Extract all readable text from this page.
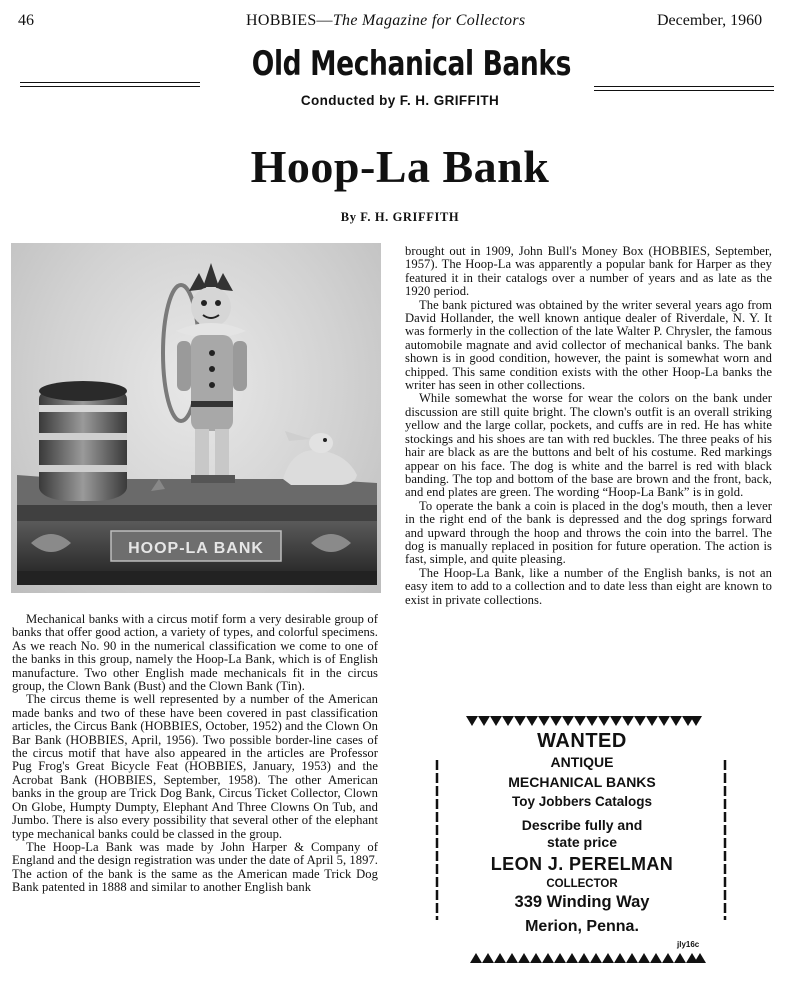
46	HOBBIES—The Magazine for Collectors	December, 1960
Old Mechanical Banks
Conducted by F. H. GRIFFITH
Hoop-La Bank
By F. H. GRIFFITH
HOOP-LA BANK

Mechanical banks with a circus motif form a very desirable group of banks that offer good action, a variety of types, and colorful specimens. As we reach No. 90 in the numerical classification we come to one of the banks in this group, namely the Hoop-La Bank, which is of English manufacture. Two other English made mechanicals fit in the circus group, the Clown Bank (Bust) and the Clown Bank (Tin).

The circus theme is well represented by a number of the American made banks and two of these have been covered in past classification articles, the Circus Bank (HOBBIES, October, 1952) and the Clown On Bar Bank (HOBBIES, April, 1956). Two possible border-line cases of the circus motif that have also appeared in the articles are Professor Pug Frog's Great Bicycle Feat (HOBBIES, January, 1953) and the Acrobat Bank (HOBBIES, September, 1958). The other American banks in the group are Trick Dog Bank, Circus Ticket Collector, Clown On Globe, Humpty Dumpty, Elephant And Three Clowns On Tub, and Jumbo. There is also every possibility that several other of the elephant type mechanical banks could be classed in the group.

The Hoop-La Bank was made by John Harper & Company of England and the design registration was under the date of April 5, 1897. The action of the bank is the same as the American made Trick Dog Bank patented in 1888 and similar to another English bank

brought out in 1909, John Bull's Money Box (HOBBIES, September, 1957). The Hoop-La was apparently a popular bank for Harper as they featured it in their catalogs over a number of years and as late as the 1920 period.

The bank pictured was obtained by the writer several years ago from David Hollander, the well known antique dealer of Riverdale, N. Y. It was formerly in the collection of the late Walter P. Chrysler, the famous automobile magnate and avid collector of mechanical banks. The bank shown is in good condition, however, the paint is somewhat worn and chipped. This same condition exists with the other Hoop-La banks the writer has seen in other collections.

While somewhat the worse for wear the colors on the bank under discussion are still quite bright. The clown's outfit is an overall striking yellow and the large collar, pockets, and cuffs are in red. He has white stockings and his shoes are tan with red buckles. The three peaks of his hair are black as are the buttons and belt of his costume. Red markings appear on his face. The dog is white and the barrel is red with black banding. The top and bottom of the base are brown and the front, back, and end plates are green. The wording “Hoop-La Bank” is in gold.

To operate the bank a coin is placed in the dog's mouth, then a lever in the right end of the bank is depressed and the dog springs forward and upward through the hoop and throws the coin into the barrel. The dog is manually replaced in position for future operation. The action is fast, simple, and quite pleasing.

The Hoop-La Bank, like a number of the English banks, is not an easy item to add to a collection and to date less than eight are known to exist in private collections.

WANTED
ANTIQUE
MECHANICAL BANKS
Toy Jobbers Catalogs
Describe fully and
state price
LEON J. PERELMAN
COLLECTOR
339 Winding Way
Merion, Penna.
jly16c
